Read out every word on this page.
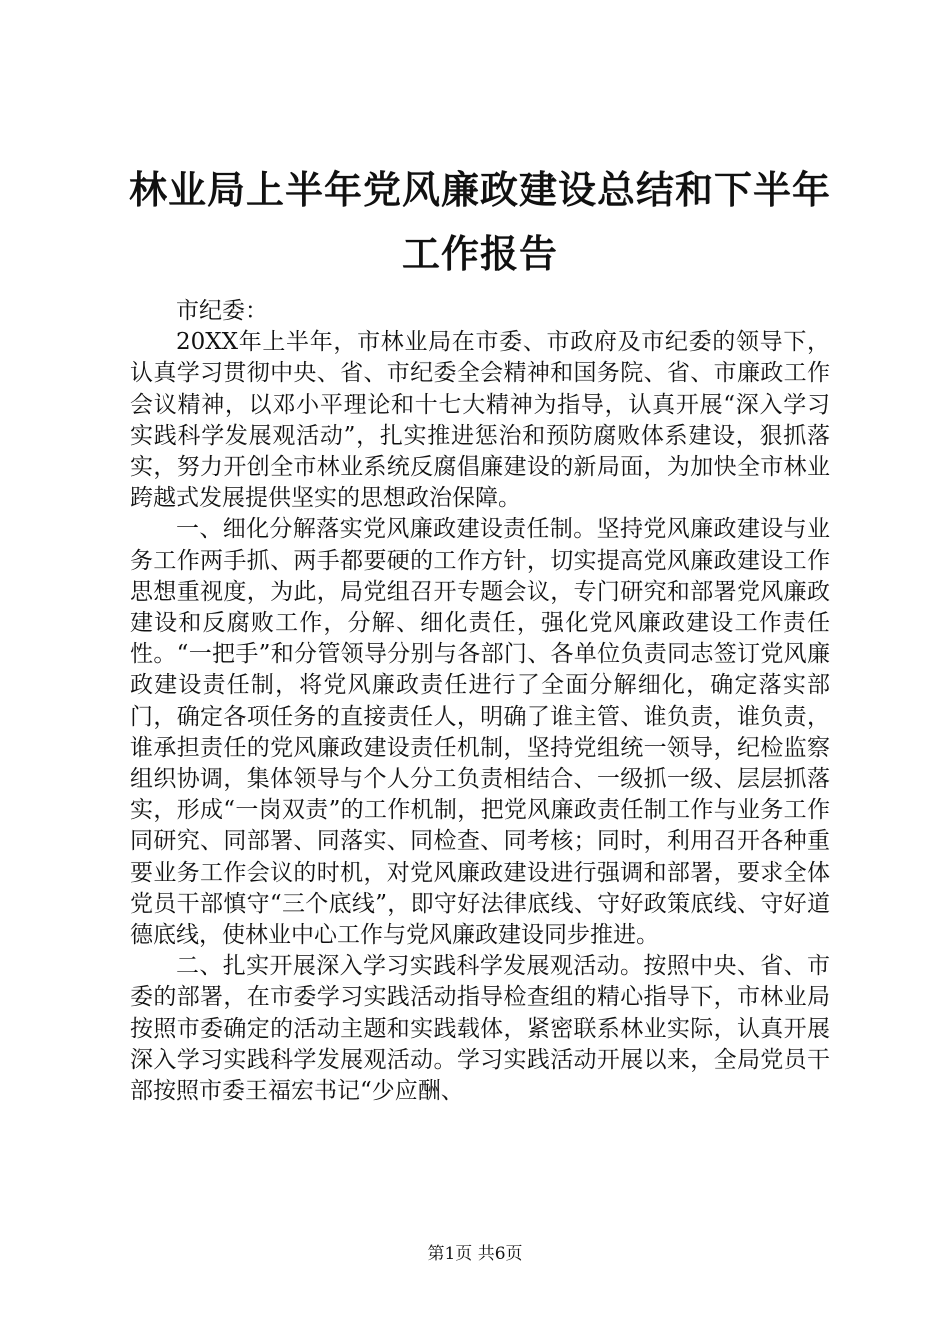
林业局上半年党风廉政建设总结和下半年工作报告

市纪委：

20XX年上半年，市林业局在市委、市政府及市纪委的领导下，认真学习贯彻中央、省、市纪委全会精神和国务院、省、市廉政工作会议精神，以邓小平理论和十七大精神为指导，认真开展“深入学习实践科学发展观活动”，扎实推进惩治和预防腐败体系建设，狠抓落实，努力开创全市林业系统反腐倡廉建设的新局面，为加快全市林业跨越式发展提供坚实的思想政治保障。

一、细化分解落实党风廉政建设责任制。坚持党风廉政建设与业务工作两手抓、两手都要硬的工作方针，切实提高党风廉政建设工作思想重视度，为此，局党组召开专题会议，专门研究和部署党风廉政建设和反腐败工作，分解、细化责任，强化党风廉政建设工作责任性。“一把手”和分管领导分别与各部门、各单位负责同志签订党风廉政建设责任制，将党风廉政责任进行了全面分解细化，确定落实部门，确定各项任务的直接责任人，明确了谁主管、谁负责，谁负责，谁承担责任的党风廉政建设责任机制，坚持党组统一领导，纪检监察组织协调，集体领导与个人分工负责相结合、一级抓一级、层层抓落实，形成“一岗双责”的工作机制，把党风廉政责任制工作与业务工作同研究、同部署、同落实、同检查、同考核；同时，利用召开各种重要业务工作会议的时机，对党风廉政建设进行强调和部署，要求全体党员干部慎守“三个底线”，即守好法律底线、守好政策底线、守好道德底线，使林业中心工作与党风廉政建设同步推进。

二、扎实开展深入学习实践科学发展观活动。按照中央、省、市委的部署，在市委学习实践活动指导检查组的精心指导下，市林业局按照市委确定的活动主题和实践载体，紧密联系林业实际，认真开展深入学习实践科学发展观活动。学习实践活动开展以来，全局党员干部按照市委王福宏书记“少应酬、

第1页 共6页
